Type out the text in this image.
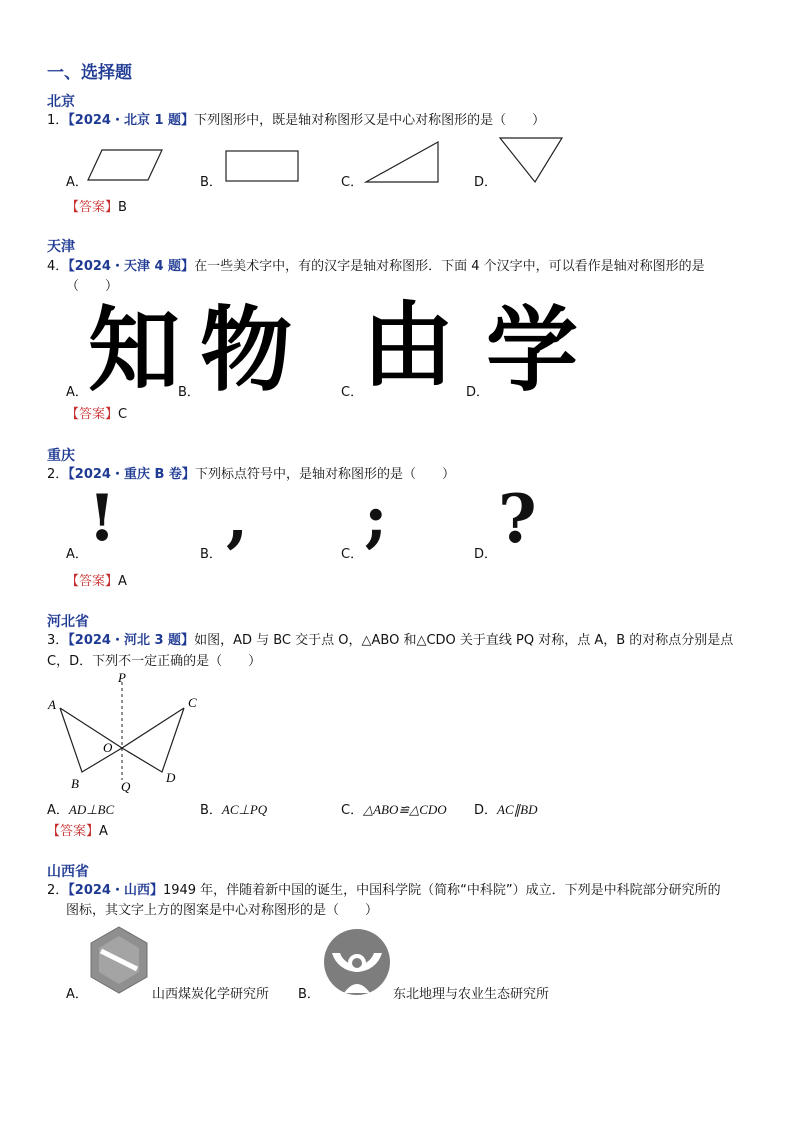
一、选择题
北京
1．【2024・北京 1 题】下列图形中，既是轴对称图形又是中心对称图形的是（　　）
A．	B．	C．	D．
【答案】B
天津
4．【2024・天津 4 题】在一些美术字中，有的汉字是轴对称图形．下面 4 个汉字中，可以看作是轴对称图形的是
（　　）
知 物 由 学
A．	B．	C．	D．
【答案】C
重庆
2．【2024・重庆 B 卷】下列标点符号中，是轴对称图形的是（　　）
A． !	B． ,	C． ;	D． ?
【答案】A
河北省
3．【2024・河北 3 题】如图，AD 与 BC 交于点 O，△ABO 和△CDO 关于直线 PQ 对称，点 A，B 的对称点分别是点
C，D．下列不一定正确的是（　　）
A
B
C
D
O
P
Q
A．AD⊥BC	B．AC⊥PQ	C．△ABO≌△CDO D．AC∥BD
【答案】A
山西省
2．【2024・山西】1949 年，伴随着新中国的诞生，中国科学院（简称“中科院”）成立．下列是中科院部分研究所的
图标，其文字上方的图案是中心对称图形的是（　　）
A．	山西煤炭化学研究所 B．	东北地理与农业生态研究所
